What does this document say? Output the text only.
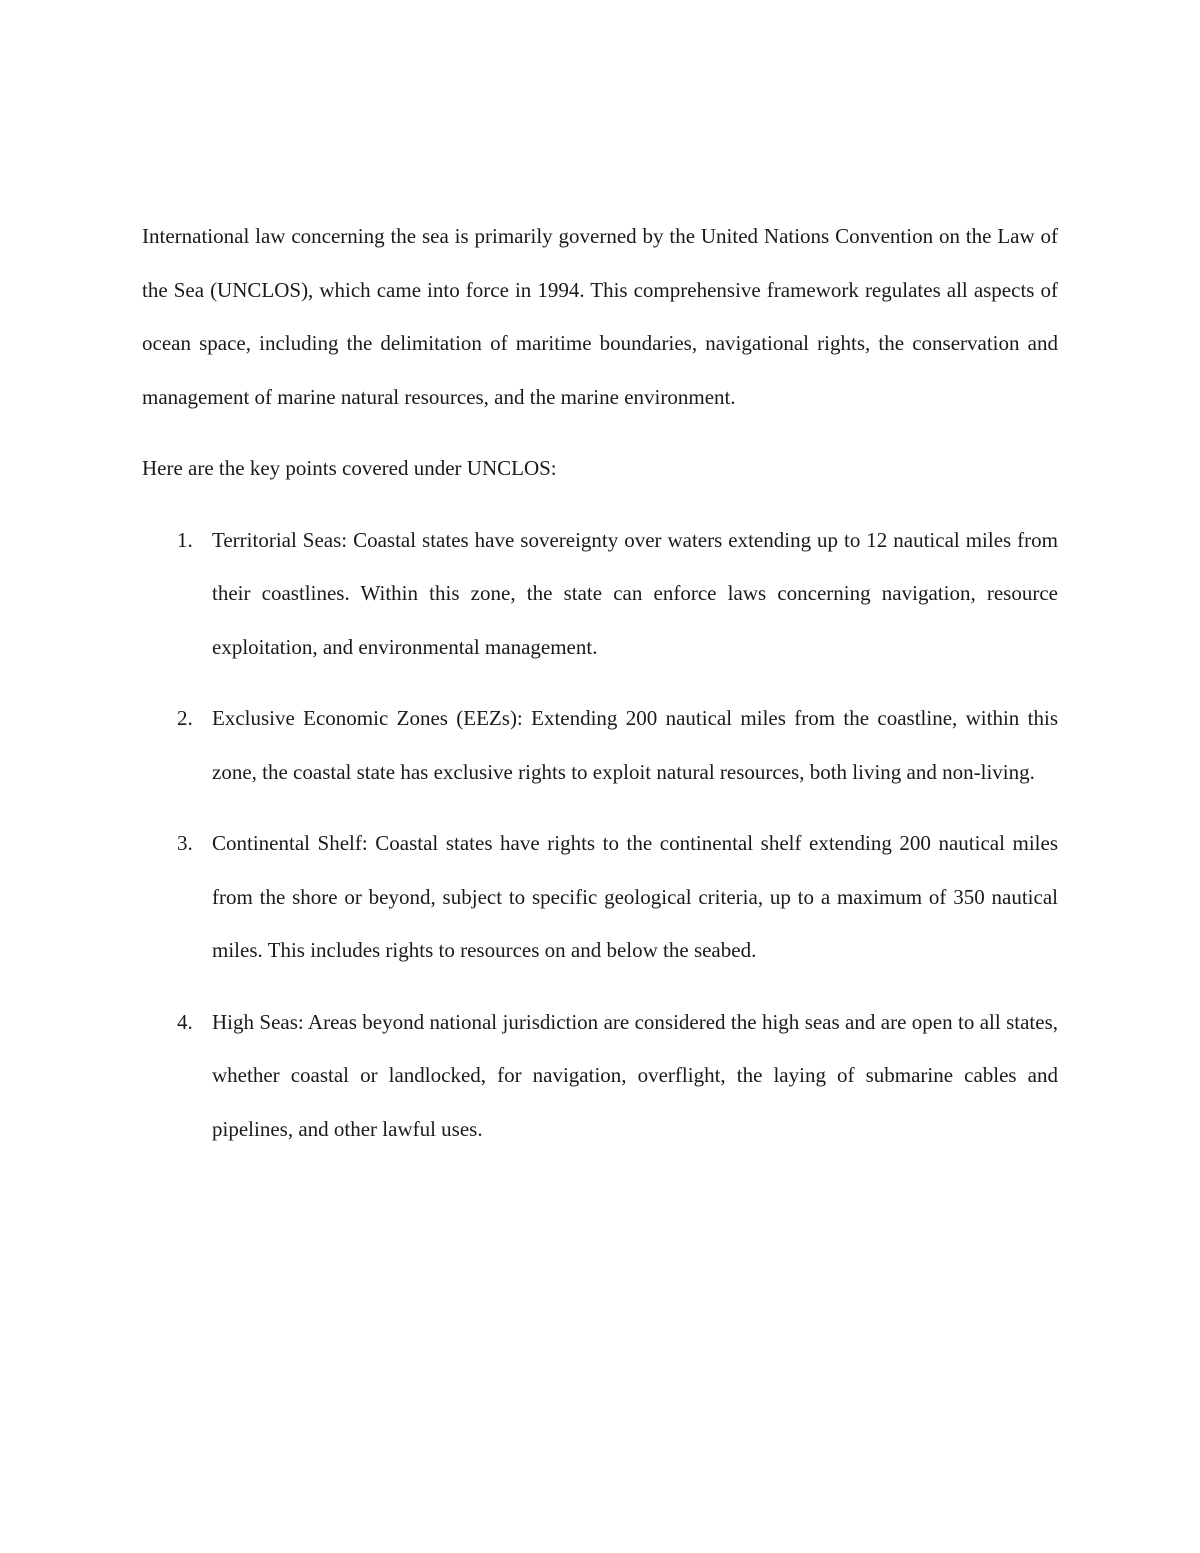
International law concerning the sea is primarily governed by the United Nations Convention on the Law of the Sea (UNCLOS), which came into force in 1994. This comprehensive framework regulates all aspects of ocean space, including the delimitation of maritime boundaries, navigational rights, the conservation and management of marine natural resources, and the marine environment.

Here are the key points covered under UNCLOS:

1. Territorial Seas: Coastal states have sovereignty over waters extending up to 12 nautical miles from their coastlines. Within this zone, the state can enforce laws concerning navigation, resource exploitation, and environmental management.
2. Exclusive Economic Zones (EEZs): Extending 200 nautical miles from the coastline, within this zone, the coastal state has exclusive rights to exploit natural resources, both living and non-living.
3. Continental Shelf: Coastal states have rights to the continental shelf extending 200 nautical miles from the shore or beyond, subject to specific geological criteria, up to a maximum of 350 nautical miles. This includes rights to resources on and below the seabed.
4. High Seas: Areas beyond national jurisdiction are considered the high seas and are open to all states, whether coastal or landlocked, for navigation, overflight, the laying of submarine cables and pipelines, and other lawful uses.
